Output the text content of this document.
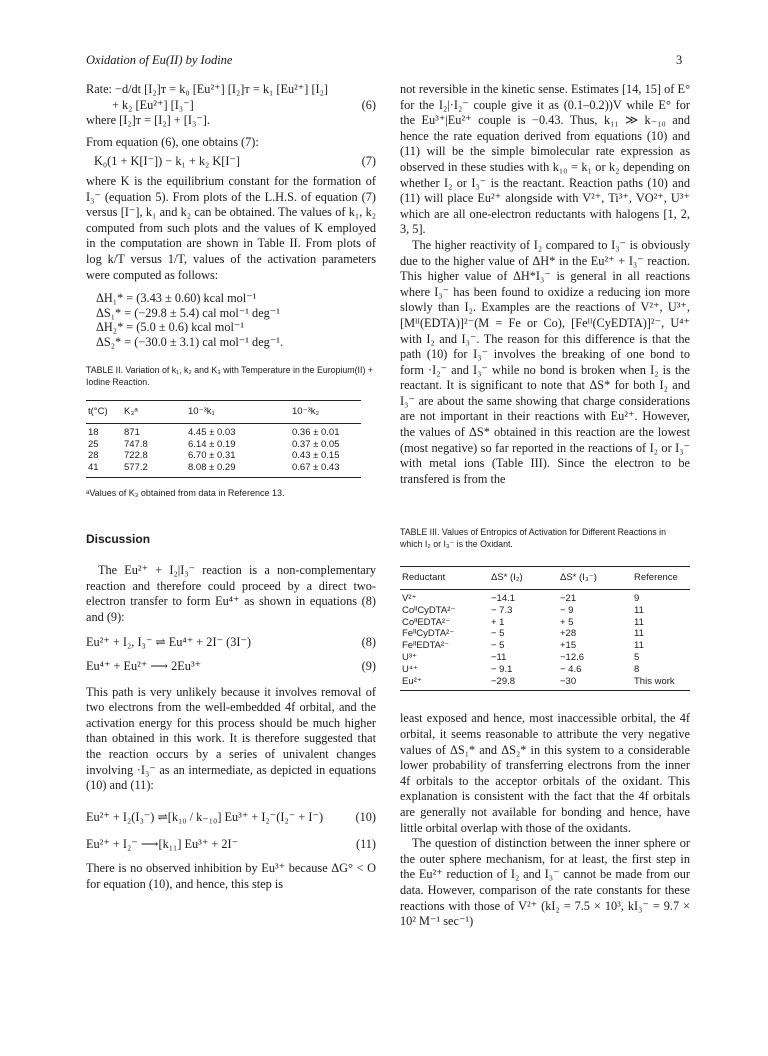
Oxidation of Eu(II) by Iodine	3
Rate: −d/dt [I₂]ᴛ = k₀ [Eu²⁺] [I₂]ᴛ = k₁ [Eu²⁺] [I₂]
+ k₂ [Eu²⁺] [I₃⁻]	(6)
where [I₂]ᴛ = [I₂] + [I₃⁻].
From equation (6), one obtains (7):
K₀(1 + K[I⁻]) − k₁ + k₂ K[I⁻]	(7)

where K is the equilibrium constant for the formation of I₃⁻ (equation 5). From plots of the L.H.S. of equation (7) versus [I⁻], k₁ and k₂ can be obtained. The values of k₁, k₂ computed from such plots and the values of K employed in the computation are shown in Table II. From plots of log k/T versus 1/T, values of the activation parameters were computed as follows:

ΔH₁* = (3.43 ± 0.60) kcal mol⁻¹
ΔS₁* = (−29.8 ± 5.4) cal mol⁻¹ deg⁻¹
ΔH₂* = (5.0 ± 0.6) kcal mol⁻¹
ΔS₂* = (−30.0 ± 3.1) cal mol⁻¹ deg⁻¹.
TABLE II. Variation of k₁, k₂ and K₃ with Temperature in the Europium(II) + Iodine Reaction.
t(°C)	K₃ᵃ	10⁻³k₁	10⁻³k₂
18	871	4.45 ± 0.03	0.36 ± 0.01
25	747.8	6.14 ± 0.19	0.37 ± 0.05
28	722.8	6.70 ± 0.31	0.43 ± 0.15
41	577.2	8.08 ± 0.29	0.67 ± 0.43
ᵃValues of K₃ obtained from data in Reference 13.
Discussion

The Eu²⁺ + I₂|I₃⁻ reaction is a non-complementary reaction and therefore could proceed by a direct two-electron transfer to form Eu⁴⁺ as shown in equations (8) and (9):

Eu²⁺ + I₂, I₃⁻ ⇌ Eu⁴⁺ + 2I⁻ (3I⁻)	(8)
Eu⁴⁺ + Eu²⁺ ⟶ 2Eu³⁺	(9)

This path is very unlikely because it involves removal of two electrons from the well-embedded 4f orbital, and the activation energy for this process should be much higher than obtained in this work. It is therefore suggested that the reaction occurs by a series of univalent changes involving ·I₃⁻ as an intermediate, as depicted in equations (10) and (11):

Eu²⁺ + I₂(I₃⁻) ⇌[k₁₀ / k₋₁₀] Eu³⁺ + I₂⁻(I₂⁻ + I⁻)	(10)
Eu²⁺ + I₂⁻ ⟶[k₁₁] Eu³⁺ + 2I⁻	(11)

There is no observed inhibition by Eu³⁺ because ΔG° < O for equation (10), and hence, this step is

not reversible in the kinetic sense. Estimates [14, 15] of E° for the I₂|·I₂⁻ couple give it as (0.1–0.2))V while E° for the Eu³⁺|Eu²⁺ couple is −0.43. Thus, k₁₁ ≫ k₋₁₀ and hence the rate equation derived from equations (10) and (11) will be the simple bimolecular rate expression as observed in these studies with k₁₀ = k₁ or k₂ depending on whether I₂ or I₃⁻ is the reactant. Reaction paths (10) and (11) will place Eu²⁺ alongside with V²⁺, Ti³⁺, VO²⁺, U³⁺ which are all one-electron reductants with halogens [1, 2, 3, 5].

The higher reactivity of I₂ compared to I₃⁻ is obviously due to the higher value of ΔH* in the Eu²⁺ + I₃⁻ reaction. This higher value of ΔH*I₃⁻ is general in all reactions where I₃⁻ has been found to oxidize a reducing ion more slowly than I₂. Examples are the reactions of V²⁺, U³⁺, [Mᴵᴵ(EDTA)]²⁻(M = Fe or Co), [Feᴵᴵ(CyEDTA)]²⁻, U⁴⁺ with I₂ and I₃⁻. The reason for this difference is that the path (10) for I₃⁻ involves the breaking of one bond to form ·I₂⁻ and I₃⁻ while no bond is broken when I₂ is the reactant. It is significant to note that ΔS* for both I₂ and I₃⁻ are about the same showing that charge considerations are not important in their reactions with Eu²⁺. However, the values of ΔS* obtained in this reaction are the lowest (most negative) so far reported in the reactions of I₂ or I₃⁻ with metal ions (Table III). Since the electron to be transfered is from the

TABLE III. Values of Entropics of Activation for Different Reactions in which I₂ or I₃⁻ is the Oxidant.
Reductant	ΔS* (I₂)	ΔS* (I₃⁻)	Reference
V²⁺	−14.1	−21	9
CoᴵᴵCyDTA²⁻	− 7.3	− 9	11
CoᴵᴵEDTA²⁻	+ 1	+ 5	11
FeᴵᴵCyDTA²⁻	− 5	+28	11
FeᴵᴵEDTA²⁻	− 5	+15	11
U³⁺	−11	−12.6	5
U⁴⁺	− 9.1	− 4.6	8
Eu²⁺	−29.8	−30	This work

least exposed and hence, most inaccessible orbital, the 4f orbital, it seems reasonable to attribute the very negative values of ΔS₁* and ΔS₂* in this system to a considerable lower probability of transferring electrons from the inner 4f orbitals to the acceptor orbitals of the oxidant. This explanation is consistent with the fact that the 4f orbitals are generally not available for bonding and hence, have little orbital overlap with those of the oxidants.

The question of distinction between the inner sphere or the outer sphere mechanism, for at least, the first step in the Eu²⁺ reduction of I₂ and I₃⁻ cannot be made from our data. However, comparison of the rate constants for these reactions with those of V²⁺ (kI₂ = 7.5 × 10³, kI₃⁻ = 9.7 × 10² M⁻¹ sec⁻¹)
